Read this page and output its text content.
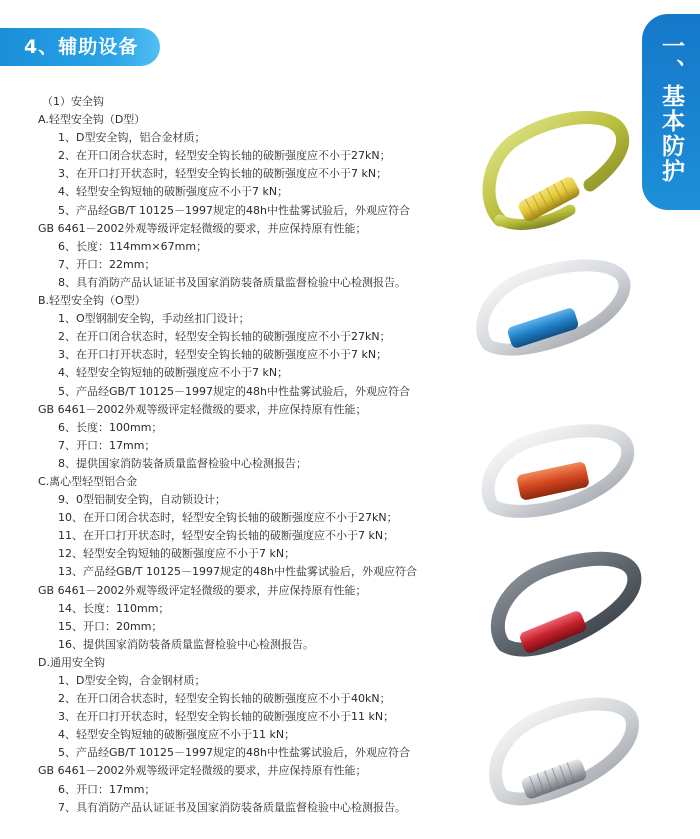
4、辅助设备	一、基本防护
（1）安全钩
A.轻型安全钩（D型）
1、D型安全钩，铝合金材质；
2、在开口闭合状态时，轻型安全钩长轴的破断强度应不小于27kN；
3、在开口打开状态时，轻型安全钩长轴的破断强度应不小于7 kN；
4、轻型安全钩短轴的破断强度应不小于7 kN；
5、产品经GB/T 10125－1997规定的48h中性盐雾试验后，外观应符合
GB 6461－2002外观等级评定轻微级的要求，并应保持原有性能；
6、长度：114mm×67mm；
7、开口：22mm；
8、具有消防产品认证证书及国家消防装备质量监督检验中心检测报告。
B.轻型安全钩（O型）
1、O型钢制安全钩，手动丝扣门设计；
2、在开口闭合状态时，轻型安全钩长轴的破断强度应不小于27kN；
3、在开口打开状态时，轻型安全钩长轴的破断强度应不小于7 kN；
4、轻型安全钩短轴的破断强度应不小于7 kN；
5、产品经GB/T 10125－1997规定的48h中性盐雾试验后，外观应符合
GB 6461－2002外观等级评定轻微级的要求，并应保持原有性能；
6、长度：100mm；
7、开口：17mm；
8、提供国家消防装备质量监督检验中心检测报告；
C.离心型轻型铝合金
9、0型铝制安全钩，自动锁设计；
10、在开口闭合状态时，轻型安全钩长轴的破断强度应不小于27kN；
11、在开口打开状态时，轻型安全钩长轴的破断强度应不小于7 kN；
12、轻型安全钩短轴的破断强度应不小于7 kN；
13、产品经GB/T 10125－1997规定的48h中性盐雾试验后，外观应符合
GB 6461－2002外观等级评定轻微级的要求，并应保持原有性能；
14、长度：110mm；
15、开口：20mm；
16、提供国家消防装备质量监督检验中心检测报告。
D.通用安全钩
1、D型安全钩，合金钢材质；
2、在开口闭合状态时，轻型安全钩长轴的破断强度应不小于40kN；
3、在开口打开状态时，轻型安全钩长轴的破断强度应不小于11 kN；
4、轻型安全钩短轴的破断强度应不小于11 kN；
5、产品经GB/T 10125－1997规定的48h中性盐雾试验后，外观应符合
GB 6461－2002外观等级评定轻微级的要求，并应保持原有性能；
6、开口：17mm；
7、具有消防产品认证证书及国家消防装备质量监督检验中心检测报告。
